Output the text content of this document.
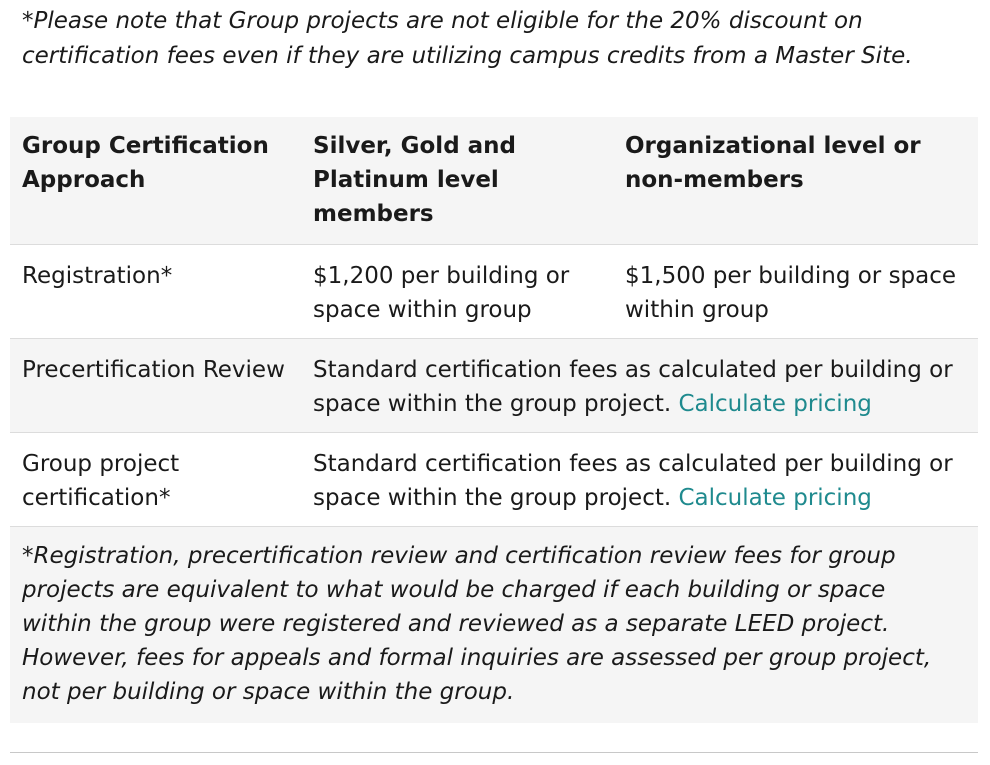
*Please note that Group projects are not eligible for the 20% discount on certification fees even if they are utilizing campus credits from a Master Site.

Group Certification Approach	Silver, Gold and Platinum level members	Organizational level or non-members
Registration*	$1,200 per building or space within group	$1,500 per building or space within group
Precertification Review	Standard certification fees as calculated per building or space within the group project. Calculate pricing	
Group project certification*	Standard certification fees as calculated per building or space within the group project. Calculate pricing	
*Registration, precertification review and certification review fees for group projects are equivalent to what would be charged if each building or space within the group were registered and reviewed as a separate LEED project. However, fees for appeals and formal inquiries are assessed per group project, not per building or space within the group.		
